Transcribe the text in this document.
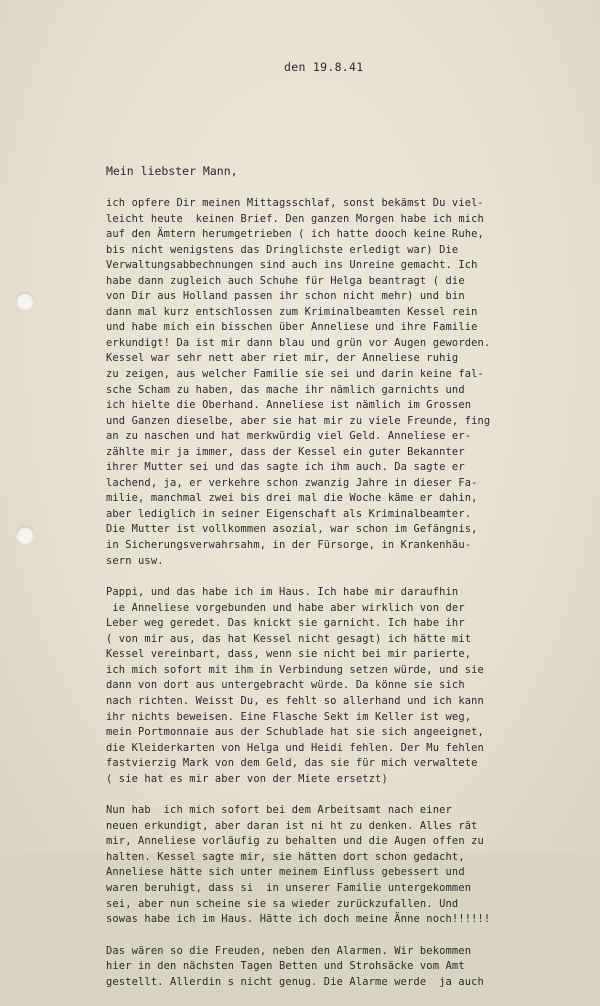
den 19.8.41
Mein liebster Mann,
ich opfere Dir meinen Mittagsschlaf, sonst bekämst Du viel-
leicht heute  keinen Brief. Den ganzen Morgen habe ich mich
auf den Ämtern herumgetrieben ( ich hatte dooch keine Ruhe,
bis nicht wenigstens das Dringlichste erledigt war) Die
Verwaltungsabbechnungen sind auch ins Unreine gemacht. Ich
habe dann zugleich auch Schuhe für Helga beantragt ( die
von Dir aus Holland passen ihr schon nicht mehr) und bin
dann mal kurz entschlossen zum Kriminalbeamten Kessel rein
und habe mich ein bisschen über Anneliese und ihre Familie
erkundigt! Da ist mir dann blau und grün vor Augen geworden.
Kessel war sehr nett aber riet mir, der Anneliese ruhig
zu zeigen, aus welcher Familie sie sei und darin keine fal-
sche Scham zu haben, das mache ihr nämlich garnichts und
ich hielte die Oberhand. Anneliese ist nämlich im Grossen
und Ganzen dieselbe, aber sie hat mir zu viele Freunde, fing
an zu naschen und hat merkwürdig viel Geld. Anneliese er-
zählte mir ja immer, dass der Kessel ein guter Bekannter
ihrer Mutter sei und das sagte ich ihm auch. Da sagte er
lachend, ja, er verkehre schon zwanzig Jahre in dieser Fa-
milie, manchmal zwei bis drei mal die Woche käme er dahin,
aber lediglich in seiner Eigenschaft als Kriminalbeamter.
Die Mutter ist vollkommen asozial, war schon im Gefängnis,
in Sicherungsverwahrsahm, in der Fürsorge, in Krankenhäu-
sern usw.
Pappi, und das habe ich im Haus. Ich habe mir daraufhin
ie Anneliese vorgebunden und habe aber wirklich von der
Leber weg geredet. Das knickt sie garnicht. Ich habe ihr
( von mir aus, das hat Kessel nicht gesagt) ich hätte mit
Kessel vereinbart, dass, wenn sie nicht bei mir parierte,
ich mich sofort mit ihm in Verbindung setzen würde, und sie
dann von dort aus untergebracht würde. Da könne sie sich
nach richten. Weisst Du, es fehlt so allerhand und ich kann
ihr nichts beweisen. Eine Flasche Sekt im Keller ist weg,
mein Portmonnaie aus der Schublade hat sie sich angeeignet,
die Kleiderkarten von Helga und Heidi fehlen. Der Mu fehlen
fastvierzig Mark von dem Geld, das sie für mich verwaltete
( sie hat es mir aber von der Miete ersetzt)
Nun hab  ich mich sofort bei dem Arbeitsamt nach einer
neuen erkundigt, aber daran ist ni ht zu denken. Alles rät
mir, Anneliese vorläufig zu behalten und die Augen offen zu
halten. Kessel sagte mir, sie hätten dort schon gedacht,
Anneliese hätte sich unter meinem Einfluss gebessert und
waren beruhigt, dass si  in unserer Familie untergekommen
sei, aber nun scheine sie sa wieder zurückzufallen. Und
sowas habe ich im Haus. Hätte ich doch meine Änne noch!!!!!!
Das wären so die Freuden, neben den Alarmen. Wir bekommen
hier in den nächsten Tagen Betten und Strohsäcke vom Amt
gestellt. Allerdin s nicht genug. Die Alarme werde  ja auch
